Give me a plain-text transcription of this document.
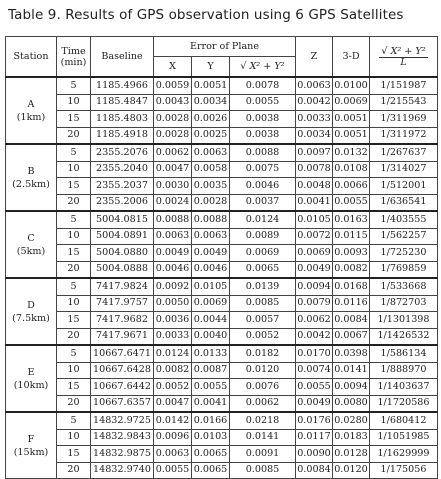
Table 9. Results of GPS observation using 6 GPS Satellites
Station	Time
(min)	Baseline	Error of Plane			Z	3-D	$\frac{\text{√ X² + Y²}}{L}$

			X	Y	√ X² + Y²			
A
(1km)	5	1185.4966	0.0059	0.0051	0.0078	0.0063	0.0100	1/151987
	10	1185.4847	0.0043	0.0034	0.0055	0.0042	0.0069	1/215543
	15	1185.4803	0.0028	0.0026	0.0038	0.0033	0.0051	1/311969
	20	1185.4918	0.0028	0.0025	0.0038	0.0034	0.0051	1/311972
B
(2.5km)	5	2355.2076	0.0062	0.0063	0.0088	0.0097	0.0132	1/267637
	10	2355.2040	0.0047	0.0058	0.0075	0.0078	0.0108	1/314027
	15	2355.2037	0.0030	0.0035	0.0046	0.0048	0.0066	1/512001
	20	2355.2006	0.0024	0.0028	0.0037	0.0041	0.0055	1/636541
C
(5km)	5	5004.0815	0.0088	0.0088	0.0124	0.0105	0.0163	1/403555
	10	5004.0891	0.0063	0.0063	0.0089	0.0072	0.0115	1/562257
	15	5004.0880	0.0049	0.0049	0.0069	0.0069	0.0093	1/725230
	20	5004.0888	0.0046	0.0046	0.0065	0.0049	0.0082	1/769859
D
(7.5km)	5	7417.9824	0.0092	0.0105	0.0139	0.0094	0.0168	1/533668
	10	7417.9757	0.0050	0.0069	0.0085	0.0079	0.0116	1/872703
	15	7417.9682	0.0036	0.0044	0.0057	0.0062	0.0084	1/1301398
	20	7417.9671	0.0033	0.0040	0.0052	0.0042	0.0067	1/1426532
E
(10km)	5	10667.6471	0.0124	0.0133	0.0182	0.0170	0.0398	1/586134
	10	10667.6428	0.0082	0.0087	0.0120	0.0074	0.0141	1/888970
	15	10667.6442	0.0052	0.0055	0.0076	0.0055	0.0094	1/1403637
	20	10667.6357	0.0047	0.0041	0.0062	0.0049	0.0080	1/1720586
F
(15km)	5	14832.9725	0.0142	0.0166	0.0218	0.0176	0.0280	1/680412
	10	14832.9843	0.0096	0.0103	0.0141	0.0117	0.0183	1/1051985
	15	14832.9875	0.0063	0.0065	0.0091	0.0090	0.0128	1/1629999
	20	14832.9740	0.0055	0.0065	0.0085	0.0084	0.0120	1/175056
